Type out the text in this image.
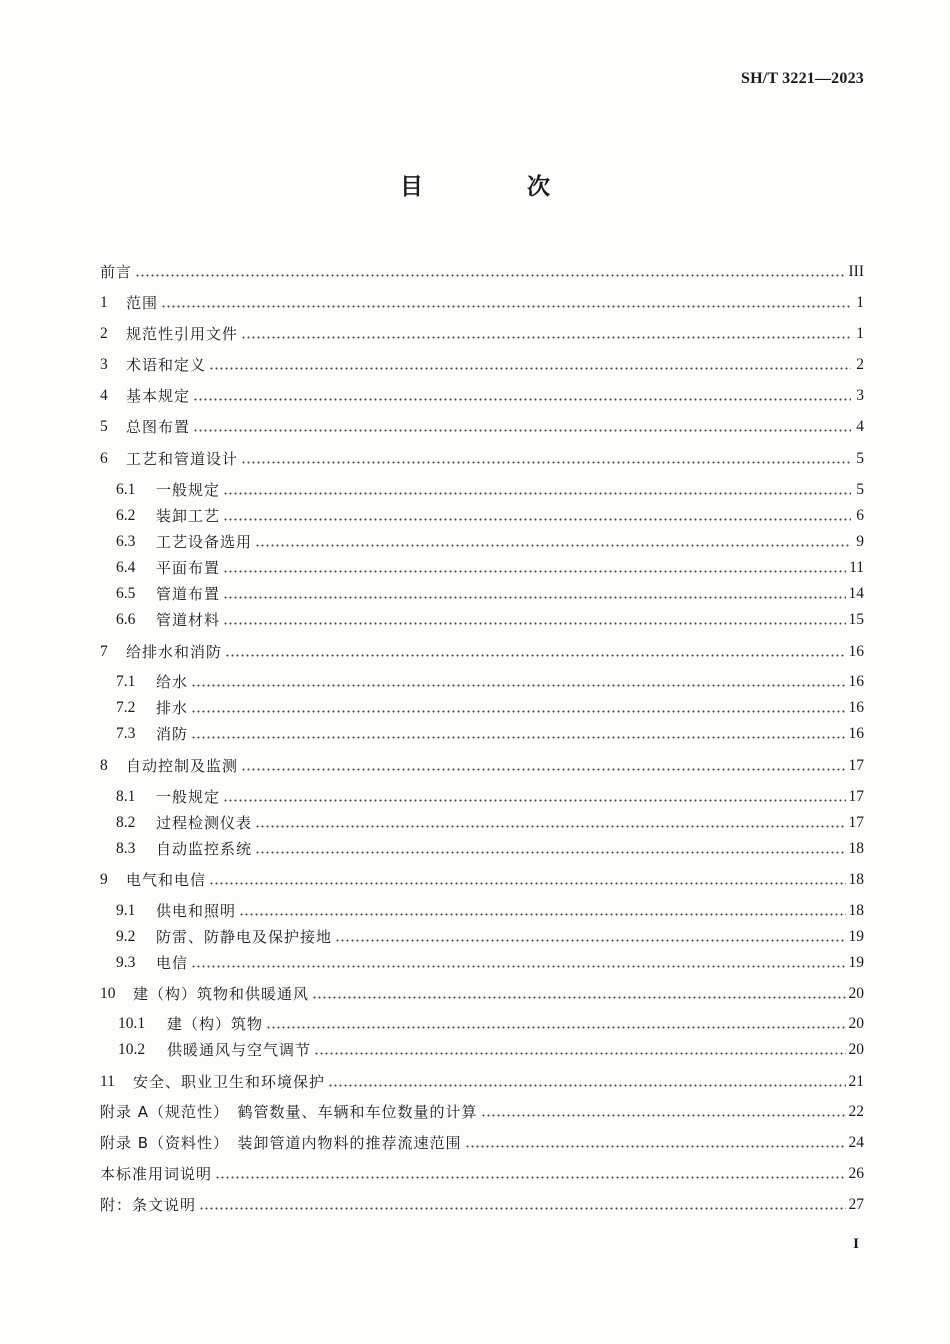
SH/T 3221—2023
目 次
前言	III
1	范围	1
2	规范性引用文件	1
3	术语和定义	2
4	基本规定	3
5	总图布置	4
6	工艺和管道设计	5
6.1	一般规定	5
6.2	装卸工艺	6
6.3	工艺设备选用	9
6.4	平面布置	11
6.5	管道布置	14
6.6	管道材料	15
7	给排水和消防	16
7.1	给水	16
7.2	排水	16
7.3	消防	16
8	自动控制及监测	17
8.1	一般规定	17
8.2	过程检测仪表	17
8.3	自动监控系统	18
9	电气和电信	18
9.1	供电和照明	18
9.2	防雷、防静电及保护接地	19
9.3	电信	19
10	建（构）筑物和供暖通风	20
10.1	建（构）筑物	20
10.2	供暖通风与空气调节	20
11	安全、职业卫生和环境保护	21
附录 A（规范性）　鹤管数量、车辆和车位数量的计算	22
附录 B（资料性）　装卸管道内物料的推荐流速范围	24
本标准用词说明	26
附：条文说明	27
I
